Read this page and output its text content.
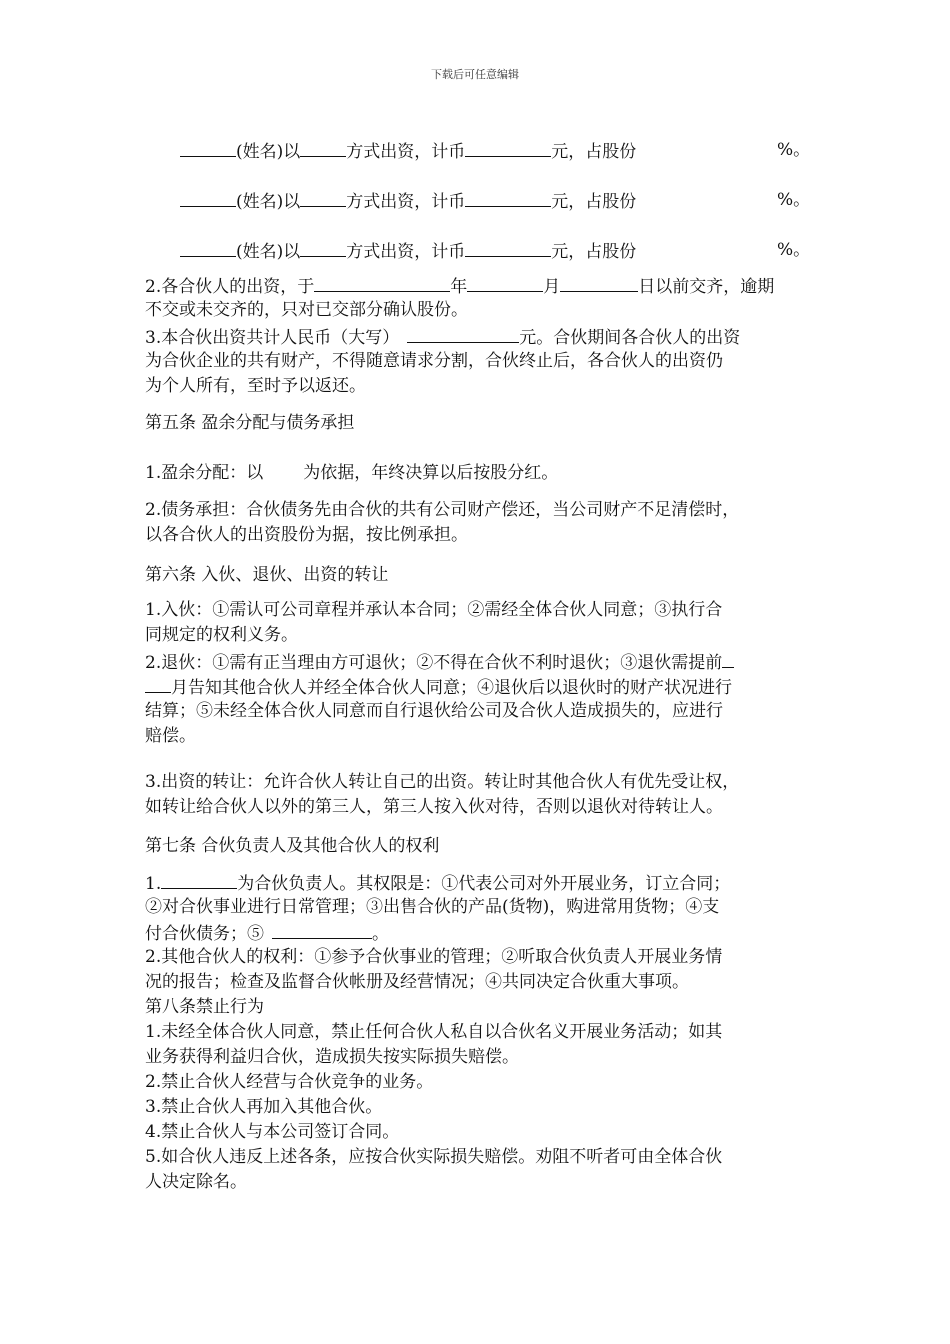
下载后可任意编辑
(姓名)以	方式出资，计币	元，占股份	%。
(姓名)以	方式出资，计币	元，占股份	%。
(姓名)以	方式出资，计币	元，占股份	%。
2.各合伙人的出资，于	年	月	日以前交齐，逾期
不交或未交齐的，只对已交部分确认股份。
3.本合伙出资共计人民币（大写）	元。合伙期间各合伙人的出资
为合伙企业的共有财产，不得随意请求分割，合伙终止后，各合伙人的出资仍
为个人所有，至时予以返还。
第五条 盈余分配与债务承担
1.盈余分配：以 为依据，年终决算以后按股分红。
2.债务承担：合伙债务先由合伙的共有公司财产偿还，当公司财产不足清偿时，
以各合伙人的出资股份为据，按比例承担。
第六条 入伙、退伙、出资的转让
1.入伙：①需认可公司章程并承认本合同；②需经全体合伙人同意；③执行合
同规定的权利义务。
2.退伙：①需有正当理由方可退伙；②不得在合伙不利时退伙；③退伙需提前
月告知其他合伙人并经全体合伙人同意；④退伙后以退伙时的财产状况进行
结算；⑤未经全体合伙人同意而自行退伙给公司及合伙人造成损失的，应进行
赔偿。
3.出资的转让：允许合伙人转让自己的出资。转让时其他合伙人有优先受让权，
如转让给合伙人以外的第三人，第三人按入伙对待，否则以退伙对待转让人。
第七条 合伙负责人及其他合伙人的权利
1.	为合伙负责人。其权限是：①代表公司对外开展业务，订立合同；
②对合伙事业进行日常管理；③出售合伙的产品(货物)，购进常用货物；④支
付合伙债务；⑤	。
2.其他合伙人的权利：①参予合伙事业的管理；②听取合伙负责人开展业务情
况的报告；检查及监督合伙帐册及经营情况；④共同决定合伙重大事项。
第八条禁止行为
1.未经全体合伙人同意，禁止任何合伙人私自以合伙名义开展业务活动；如其
业务获得利益归合伙，造成损失按实际损失赔偿。
2.禁止合伙人经营与合伙竞争的业务。
3.禁止合伙人再加入其他合伙。
4.禁止合伙人与本公司签订合同。
5.如合伙人违反上述各条，应按合伙实际损失赔偿。劝阻不听者可由全体合伙
人决定除名。
